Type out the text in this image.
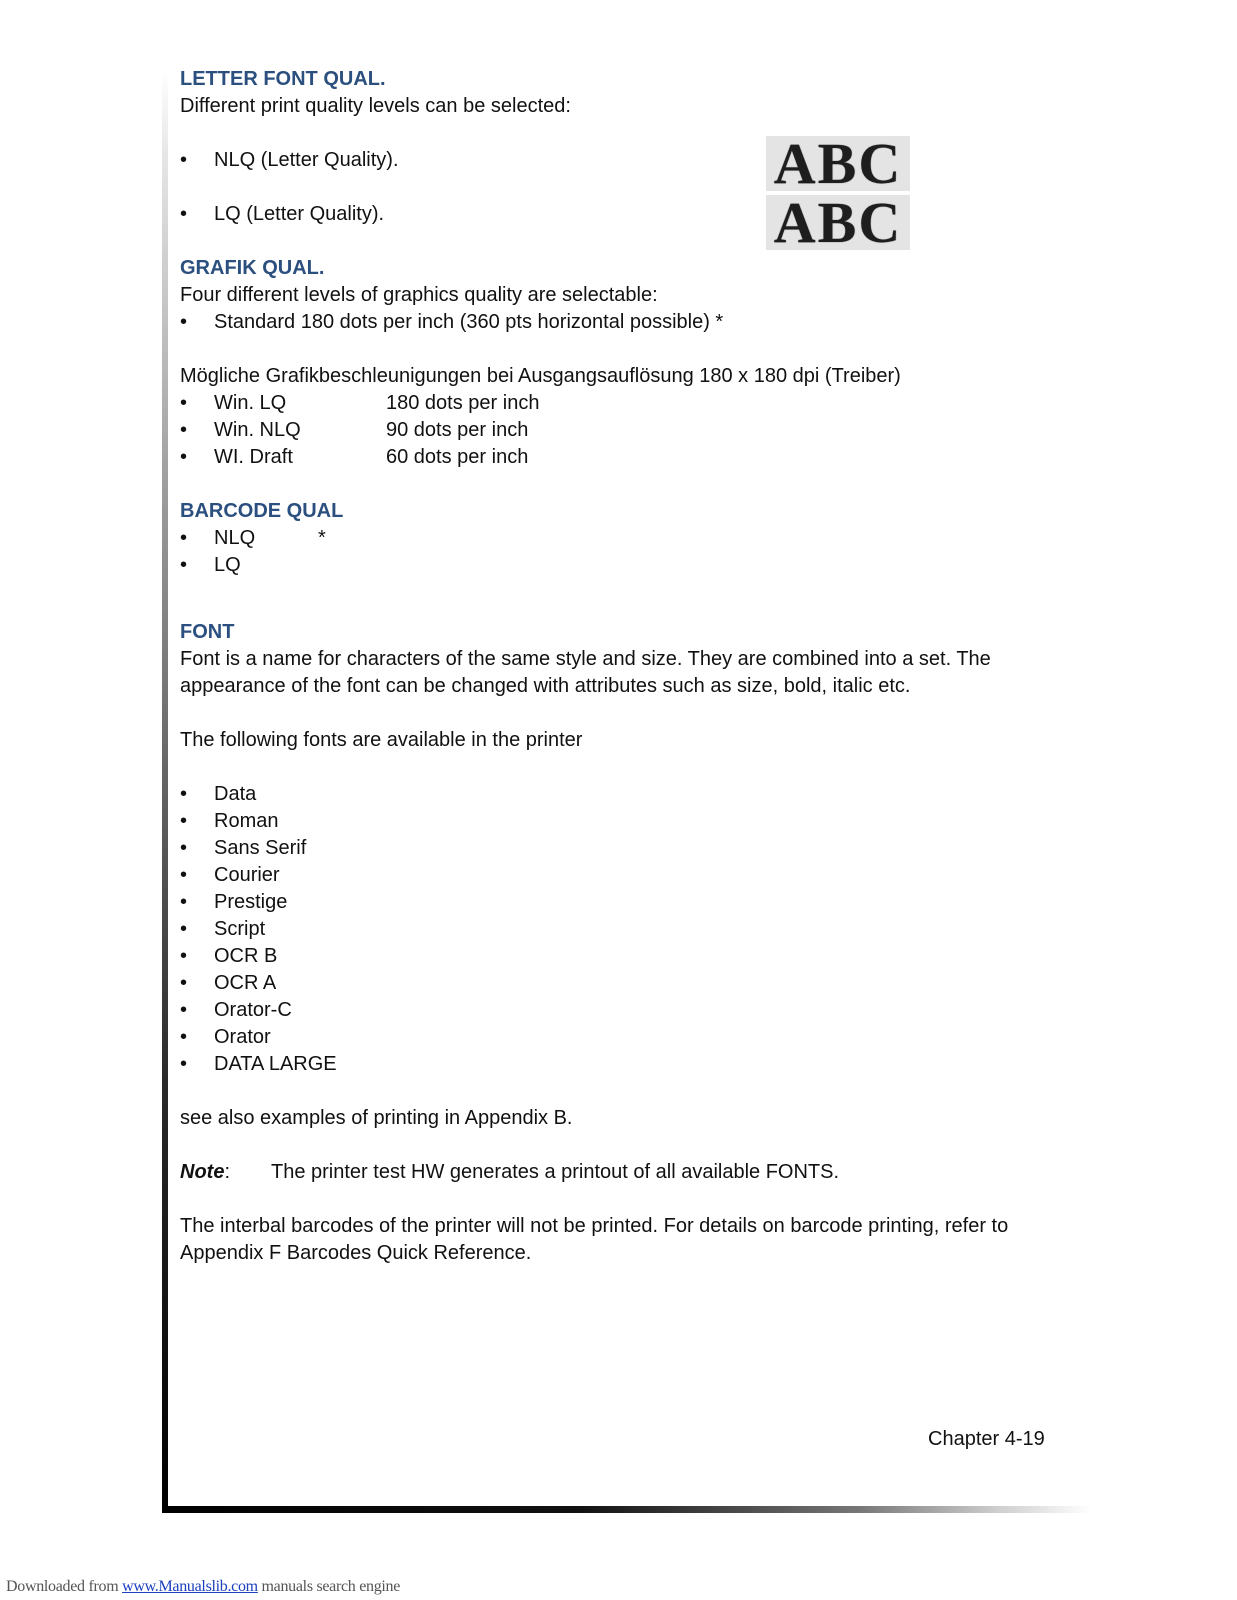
LETTER FONT QUAL.
Different print quality levels can be selected:
• NLQ (Letter Quality).
• LQ (Letter Quality).
GRAFIK QUAL.
Four different levels of graphics quality are selectable:
• Standard 180 dots per inch (360 pts horizontal possible) *
Mögliche Grafikbeschleunigungen bei Ausgangsauflösung 180 x 180 dpi (Treiber)
• Win. LQ	180 dots per inch
• Win. NLQ	90 dots per inch
• WI. Draft	60 dots per inch
BARCODE QUAL
• NLQ	*
• LQ
FONT
Font is a name for characters of the same style and size. They are combined into a set. The appearance of the font can be changed with attributes such as size, bold, italic etc.
The following fonts are available in the printer
• Data
• Roman
• Sans Serif
• Courier
• Prestige
• Script
• OCR B
• OCR A
• Orator-C
• Orator
• DATA LARGE
see also examples of printing in Appendix B.
Note: The printer test HW generates a printout of all available FONTS.
The interbal barcodes of the printer will not be printed. For details on barcode printing, refer to Appendix F Barcodes Quick Reference.
ABC
ABC
Chapter 4-19
Downloaded from www.Manualslib.com manuals search engine
